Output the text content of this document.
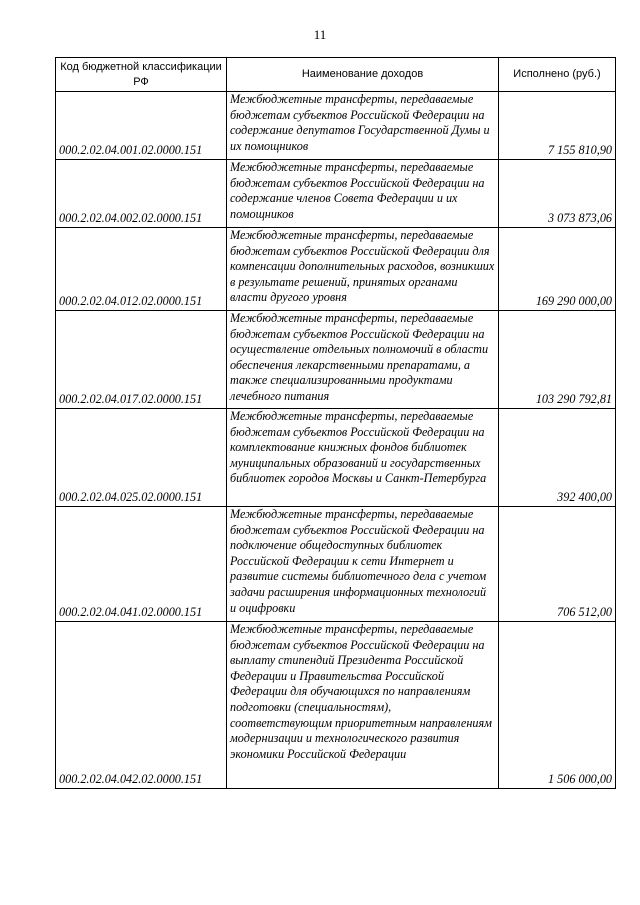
11
Код бюджетной классификации РФ	Наименование доходов	Исполнено (руб.)
000.2.02.04.001.02.0000.151	Межбюджетные трансферты, передаваемые бюджетам субъектов Российской Федерации на содержание депутатов Государственной Думы и их помощников	7 155 810,90
000.2.02.04.002.02.0000.151	Межбюджетные трансферты, передаваемые бюджетам субъектов Российской Федерации на содержание членов Совета Федерации и их помощников	3 073 873,06
000.2.02.04.012.02.0000.151	Межбюджетные трансферты, передаваемые бюджетам субъектов Российской Федерации для компенсации дополнительных расходов, возникших в результате решений, принятых органами власти другого уровня	169 290 000,00
000.2.02.04.017.02.0000.151	Межбюджетные трансферты, передаваемые бюджетам субъектов Российской Федерации на осуществление отдельных полномочий в области обеспечения лекарственными препаратами, а также специализированными продуктами лечебного питания	103 290 792,81
000.2.02.04.025.02.0000.151	Межбюджетные трансферты, передаваемые бюджетам субъектов Российской Федерации на комплектование книжных фондов библиотек муниципальных образований и государственных библиотек городов Москвы и Санкт-Петербурга	392 400,00
000.2.02.04.041.02.0000.151	Межбюджетные трансферты, передаваемые бюджетам субъектов Российской Федерации на подключение общедоступных библиотек Российской Федерации к сети Интернет и развитие системы библиотечного дела с учетом задачи расширения информационных технологий и оцифровки	706 512,00
000.2.02.04.042.02.0000.151	Межбюджетные трансферты, передаваемые бюджетам субъектов Российской Федерации на выплату стипендий Президента Российской Федерации и Правительства Российской Федерации для обучающихся по направлениям подготовки (специальностям), соответствующим приоритетным направлениям модернизации и технологического развития экономики Российской Федерации	1 506 000,00
